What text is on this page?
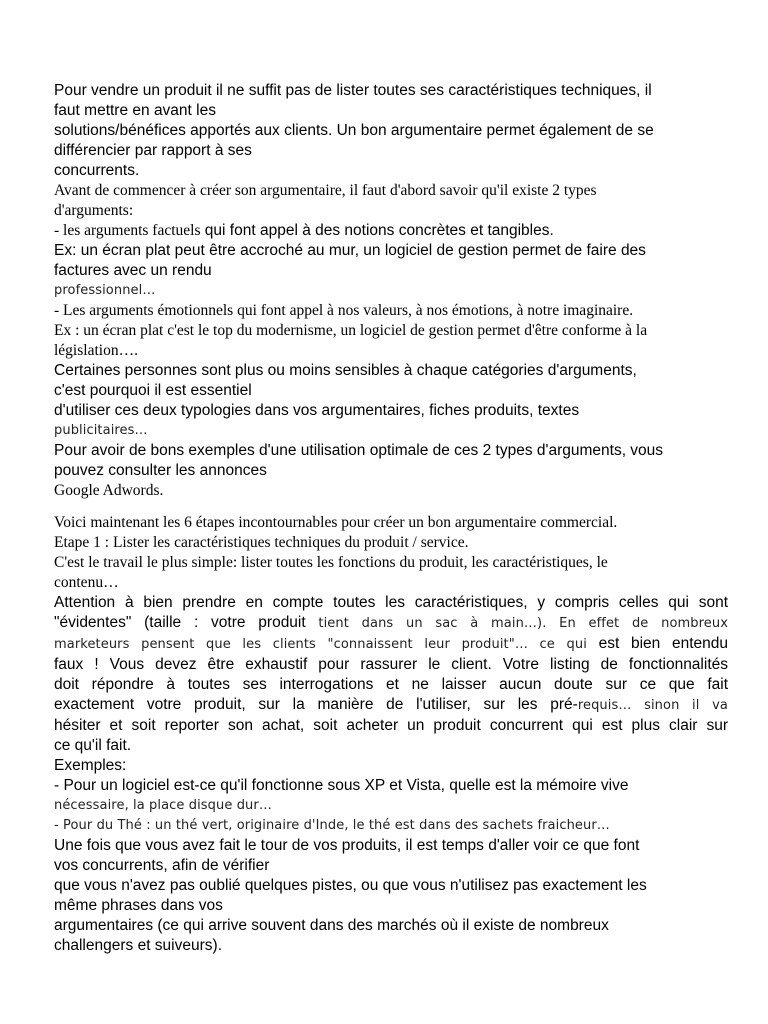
Pour vendre un produit il ne suffit pas de lister toutes ses caractéristiques techniques, il

faut mettre en avant les

solutions/bénéfices apportés aux clients. Un bon argumentaire permet également de se

différencier par rapport à ses

concurrents.

Avant de commencer à créer son argumentaire, il faut d'abord savoir qu'il existe 2 types

d'arguments:

- les arguments factuels qui font appel à des notions concrètes et tangibles.

Ex: un écran plat peut être accroché au mur, un logiciel de gestion permet de faire des

factures avec un rendu

professionnel…

- Les arguments émotionnels qui font appel à nos valeurs, à nos émotions, à notre imaginaire.

Ex : un écran plat c'est le top du modernisme, un logiciel de gestion permet d'être conforme à la

législation….

Certaines personnes sont plus ou moins sensibles à chaque catégories d'arguments,

c'est pourquoi il est essentiel

d'utiliser ces deux typologies dans vos argumentaires, fiches produits, textes

publicitaires…

Pour avoir de bons exemples d'une utilisation optimale de ces 2 types d'arguments, vous

pouvez consulter les annonces

Google Adwords.

Voici maintenant les 6 étapes incontournables pour créer un bon argumentaire commercial.

Etape 1 : Lister les caractéristiques techniques du produit / service.

C'est le travail le plus simple: lister toutes les fonctions du produit, les caractéristiques, le

contenu…

Attention à bien prendre en compte toutes les caractéristiques, y compris celles qui sont

"évidentes" (taille : votre produit tient dans un sac à main…). En effet de nombreux

marketeurs pensent que les clients "connaissent leur produit"… ce qui est bien entendu

faux ! Vous devez être exhaustif pour rassurer le client. Votre listing de fonctionnalités

doit répondre à toutes ses interrogations et ne laisser aucun doute sur ce que fait

exactement votre produit, sur la manière de l'utiliser, sur les pré-requis… sinon il va

hésiter et soit reporter son achat, soit acheter un produit concurrent qui est plus clair sur

ce qu'il fait.

Exemples:

- Pour un logiciel est-ce qu'il fonctionne sous XP et Vista, quelle est la mémoire vive

nécessaire, la place disque dur…

- Pour du Thé : un thé vert, originaire d'Inde, le thé est dans des sachets fraicheur…

Une fois que vous avez fait le tour de vos produits, il est temps d'aller voir ce que font

vos concurrents, afin de vérifier

que vous n'avez pas oublié quelques pistes, ou que vous n'utilisez pas exactement les

même phrases dans vos

argumentaires (ce qui arrive souvent dans des marchés où il existe de nombreux

challengers et suiveurs).
